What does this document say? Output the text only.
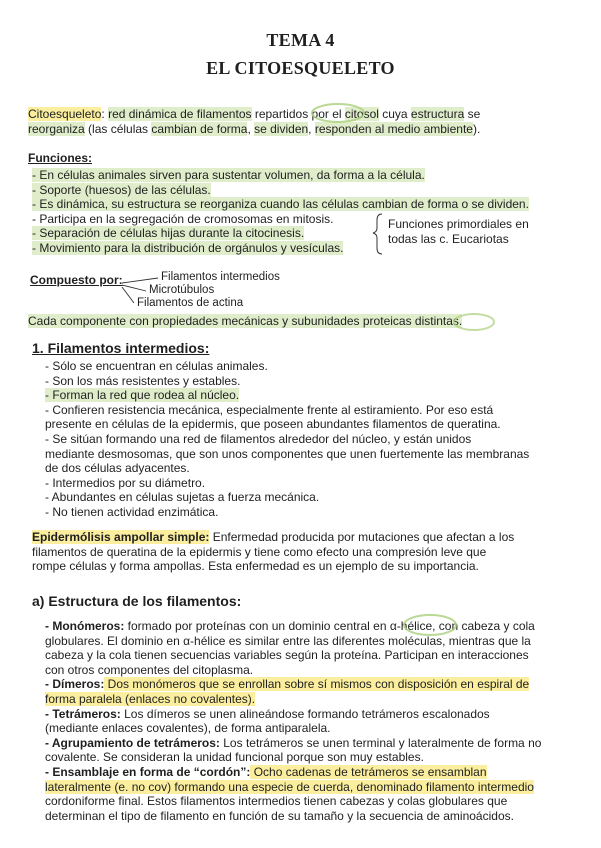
TEMA 4
EL CITOESQUELETO

Citoesqueleto: red dinámica de filamentos repartidos por el citosol cuya estructura se

reorganiza (las células cambian de forma, se dividen, responden al medio ambiente).

Funciones:
- En células animales sirven para sustentar volumen, da forma a la célula.
- Soporte (huesos) de las células.
- Es dinámica, su estructura se reorganiza cuando las células cambian de forma o se dividen.
- Participa en la segregación de cromosomas en mitosis.
- Separación de células hijas durante la citocinesis.
- Movimiento para la distribución de orgánulos y vesículas.
Funciones primordiales en
todas las c. Eucariotas
Compuesto por:	Filamentos intermedios
Microtúbulos
Filamentos de actina
Cada componente con propiedades mecánicas y subunidades proteicas distintas.
1. Filamentos intermedios:
- Sólo se encuentran en células animales.
- Son los más resistentes y estables.
- Forman la red que rodea al núcleo.
- Confieren resistencia mecánica, especialmente frente al estiramiento. Por eso está
presente en células de la epidermis, que poseen abundantes filamentos de queratina.
- Se sitúan formando una red de filamentos alrededor del núcleo, y están unidos
mediante desmosomas, que son unos componentes que unen fuertemente las membranas
de dos células adyacentes.
- Intermedios por su diámetro.
- Abundantes en células sujetas a fuerza mecánica.
- No tienen actividad enzimática.

Epidermólisis ampollar simple: Enfermedad producida por mutaciones que afectan a los

filamentos de queratina de la epidermis y tiene como efecto una compresión leve que

rompe células y forma ampollas. Esta enfermedad es un ejemplo de su importancia.

a) Estructura de los filamentos:
- Monómeros: formado por proteínas con un dominio central en α-hélice, con cabeza y cola
globulares. El dominio en α-hélice es similar entre las diferentes moléculas, mientras que la
cabeza y la cola tienen secuencias variables según la proteína. Participan en interacciones
con otros componentes del citoplasma.
- Dímeros: Dos monómeros que se enrollan sobre sí mismos con disposición en espiral de
forma paralela (enlaces no covalentes).
- Tetrámeros: Los dímeros se unen alineándose formando tetrámeros escalonados
(mediante enlaces covalentes), de forma antiparalela.
- Agrupamiento de tetrámeros: Los tetrámeros se unen terminal y lateralmente de forma no
covalente. Se consideran la unidad funcional porque son muy estables.
- Ensamblaje en forma de “cordón”: Ocho cadenas de tetrámeros se ensamblan
lateralmente (e. no cov) formando una especie de cuerda, denominado filamento intermedio
cordoniforme final. Estos filamentos intermedios tienen cabezas y colas globulares que
determinan el tipo de filamento en función de su tamaño y la secuencia de aminoácidos.
